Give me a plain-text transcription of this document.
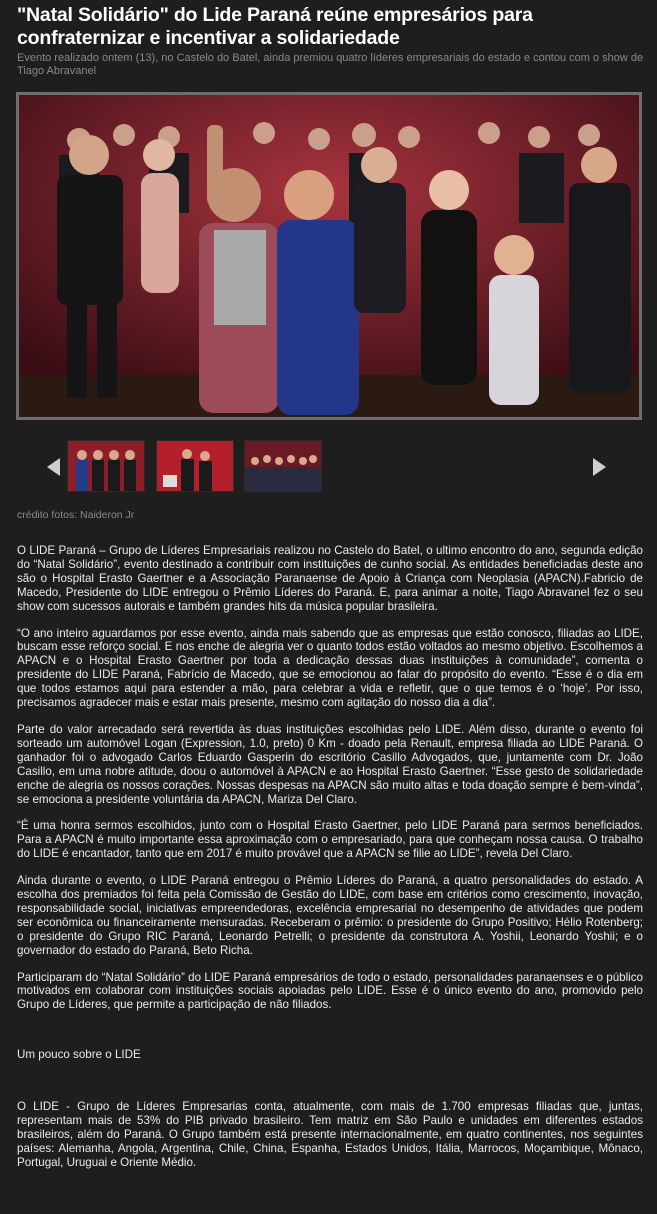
"Natal Solidário" do Lide Paraná reúne empresários para confraternizar e incentivar a solidariedade
Evento realizado ontem (13), no Castelo do Batel, ainda premiou quatro líderes empresariais do estado e contou com o show de Tiago Abravanel
crédito fotos: Naideron Jr

O LIDE Paraná – Grupo de Líderes Empresariais realizou no Castelo do Batel, o ultimo encontro do ano, segunda edição do “Natal Solidário”, evento destinado a contribuir com instituições de cunho social. As entidades beneficiadas deste ano são o Hospital Erasto Gaertner e a Associação Paranaense de Apoio à Criança com Neoplasia (APACN).Fabricio de Macedo, Presidente do LIDE entregou o Prêmio Líderes do Paraná. E, para animar a noite, Tiago Abravanel fez o seu show com sucessos autorais e também grandes hits da música popular brasileira.

“O ano inteiro aguardamos por esse evento, ainda mais sabendo que as empresas que estão conosco, filiadas ao LIDE, buscam esse reforço social. E nos enche de alegria ver o quanto todos estão voltados ao mesmo objetivo. Escolhemos a APACN e o Hospital Erasto Gaertner por toda a dedicação dessas duas instituições à comunidade”, comenta o presidente do LIDE Paraná, Fabrício de Macedo, que se emocionou ao falar do propósito do evento. “Esse é o dia em que todos estamos aqui para estender a mão, para celebrar a vida e refletir, que o que temos é o ‘hoje’. Por isso, precisamos agradecer mais e estar mais presente, mesmo com agitação do nosso dia a dia”.

Parte do valor arrecadado será revertida às duas instituições escolhidas pelo LIDE. Além disso, durante o evento foi sorteado um automóvel Logan (Expression, 1.0, preto) 0 Km - doado pela Renault, empresa filiada ao LIDE Paraná. O ganhador foi o advogado Carlos Eduardo Gasperin do escritório Casillo Advogados, que, juntamente com Dr. João Casillo, em uma nobre atitude, doou o automóvel à APACN e ao Hospital Erasto Gaertner. “Esse gesto de solidariedade enche de alegria os nossos corações. Nossas despesas na APACN são muito altas e toda doação sempre é bem-vinda”, se emociona a presidente voluntária da APACN, Mariza Del Claro.

“É uma honra sermos escolhidos, junto com o Hospital Erasto Gaertner, pelo LIDE Paraná para sermos beneficiados. Para a APACN é muito importante essa aproximação com o empresariado, para que conheçam nossa causa. O trabalho do LIDE é encantador, tanto que em 2017 é muito provável que a APACN se filie ao LIDE”, revela Del Claro.

Ainda durante o evento, o LIDE Paraná entregou o Prêmio Líderes do Paraná, a quatro personalidades do estado. A escolha dos premiados foi feita pela Comissão de Gestão do LIDE, com base em critérios como crescimento, inovação, responsabilidade social, iniciativas empreendedoras, excelência empresarial no desempenho de atividades que podem ser econômica ou financeiramente mensuradas. Receberam o prêmio: o presidente do Grupo Positivo; Hélio Rotenberg; o presidente do Grupo RIC Paraná, Leonardo Petrelli; o presidente da construtora A. Yoshii, Leonardo Yoshii; e o governador do estado do Paraná, Beto Richa.

Participaram do “Natal Solidário” do LIDE Paraná empresários de todo o estado, personalidades paranaenses e o público motivados em colaborar com instituições sociais apoiadas pelo LIDE. Esse é o único evento do ano, promovido pelo Grupo de Líderes, que permite a participação de não filiados.

Um pouco sobre o LIDE

O LIDE - Grupo de Líderes Empresarias conta, atualmente, com mais de 1.700 empresas filiadas que, juntas, representam mais de 53% do PIB privado brasileiro. Tem matriz em São Paulo e unidades em diferentes estados brasileiros, além do Paraná. O Grupo também está presente internacionalmente, em quatro continentes, nos seguintes países: Alemanha, Angola, Argentina, Chile, China, Espanha, Estados Unidos, Itália, Marrocos, Moçambique, Mônaco, Portugal, Uruguai e Oriente Médio.
